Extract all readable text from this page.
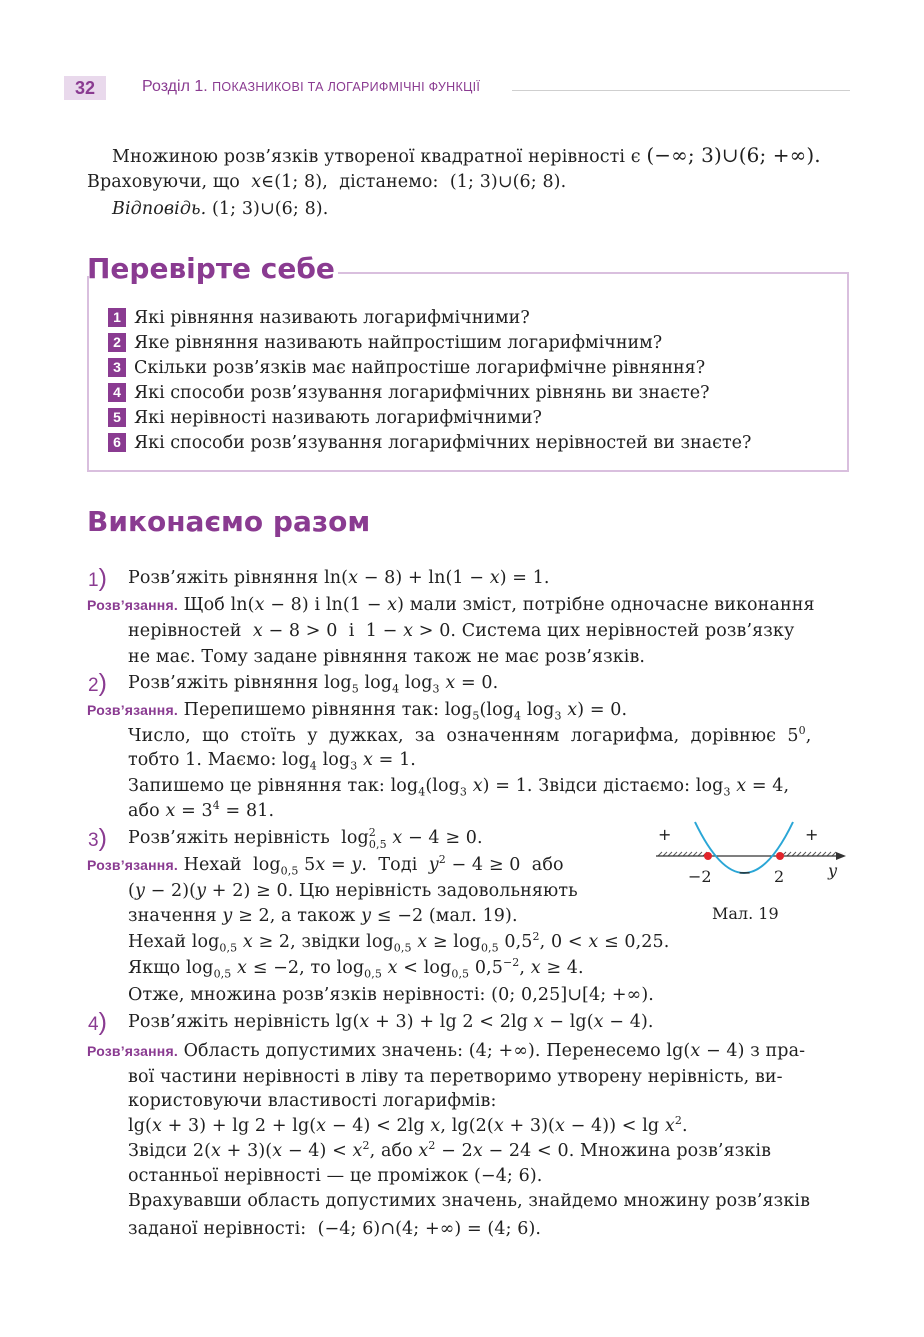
32	Розділ 1. ПОКАЗНИКОВІ ТА ЛОГАРИФМІЧНІ ФУНКЦІЇ
Множиною розв’язків утвореної квадратної нерівності є (−∞; 3)∪(6; +∞).
Враховуючи, що  x∈(1; 8),  дістанемо:  (1; 3)∪(6; 8).
Відповідь. (1; 3)∪(6; 8).
Перевірте себе
1 Які рівняння називають логарифмічними?
2 Яке рівняння називають найпростішим логарифмічним?
3 Скільки розв’язків має найпростіше логарифмічне рівняння?
4 Які способи розв’язування логарифмічних рівнянь ви знаєте?
5 Які нерівності називають логарифмічними?
6 Які способи розв’язування логарифмічних нерівностей ви знаєте?
Виконаємо разом
1) Розв’яжіть рівняння ln(x − 8) + ln(1 − x) = 1.
Розв’язання. Щоб ln(x − 8) і ln(1 − x) мали зміст, потрібне одночасне виконання
нерівностей  x − 8 > 0  і  1 − x > 0. Система цих нерівностей розв’язку
не має. Тому задане рівняння також не має розв’язків.
2) Розв’яжіть рівняння $\log_5 \log_4 \log_3 x = 0$.
Розв’язання. Перепишемо рівняння так: $\log_5(\log_4$ $\log_3 x) = 0$.
Число,  що  стоїть  у  дужках,  за  означенням  логарифма,  дорівнює  $5^0$,
тобто 1. Маємо: $\log_4 \log_3 x = 1$.
Запишемо це рівняння так: $\log_4(\log_3$ x) = 1. Звідси дістаємо: $\log_3 x = 4$,
або $x = 3^4 = 81$.
3) Розв’яжіть нерівність  $\log^2_{0,5} x - 4 \ge 0$.
Розв’язання. Нехай  $\log_{0,5} 5x = y$.  Тоді  $y^2 - 4 \ge 0$  або
(y − 2)(y + 2) ≥ 0. Цю нерівність задовольняють
значення y ≥ 2, а також y ≤ −2 (мал. 19).
Нехай $\log_{0,5} x \ge 2$, звідки $\log_{0,5} x \ge \log_{0,5} 0,5^2$, 0 < x ≤ 0,25.
Якщо $\log_{0,5} x \le -2$, то $\log_{0,5} x < \log_{0,5} 0,5^{-2}$, x ≥ 4.
Отже, множина розв’язків нерівності: (0; 0,25]∪[4; +∞).
+	+
−
−2	2	y
Мал. 19
4) Розв’яжіть нерівність lg(x + 3) + lg 2 < 2lg x − lg(x − 4).
Розв’язання. Область допустимих значень: (4; +∞). Перенесемо lg(x − 4) з пра-
вої частини нерівності в ліву та перетворимо утворену нерівність, ви-
користовуючи властивості логарифмів:
lg(x + 3) + lg 2 + lg(x − 4) < 2lg x, $\lg(2(x + 3)(x - 4)) < \lg x^2$.
Звідси $2(x + 3)(x - 4) < x^2$, або $x^2 - 2x - 24 < 0$. Множина розв’язків
останньої нерівності — це проміжок (−4; 6).
Врахувавши область допустимих значень, знайдемо множину розв’язків
заданої нерівності:  (−4; 6)∩(4; +∞) = (4; 6).
